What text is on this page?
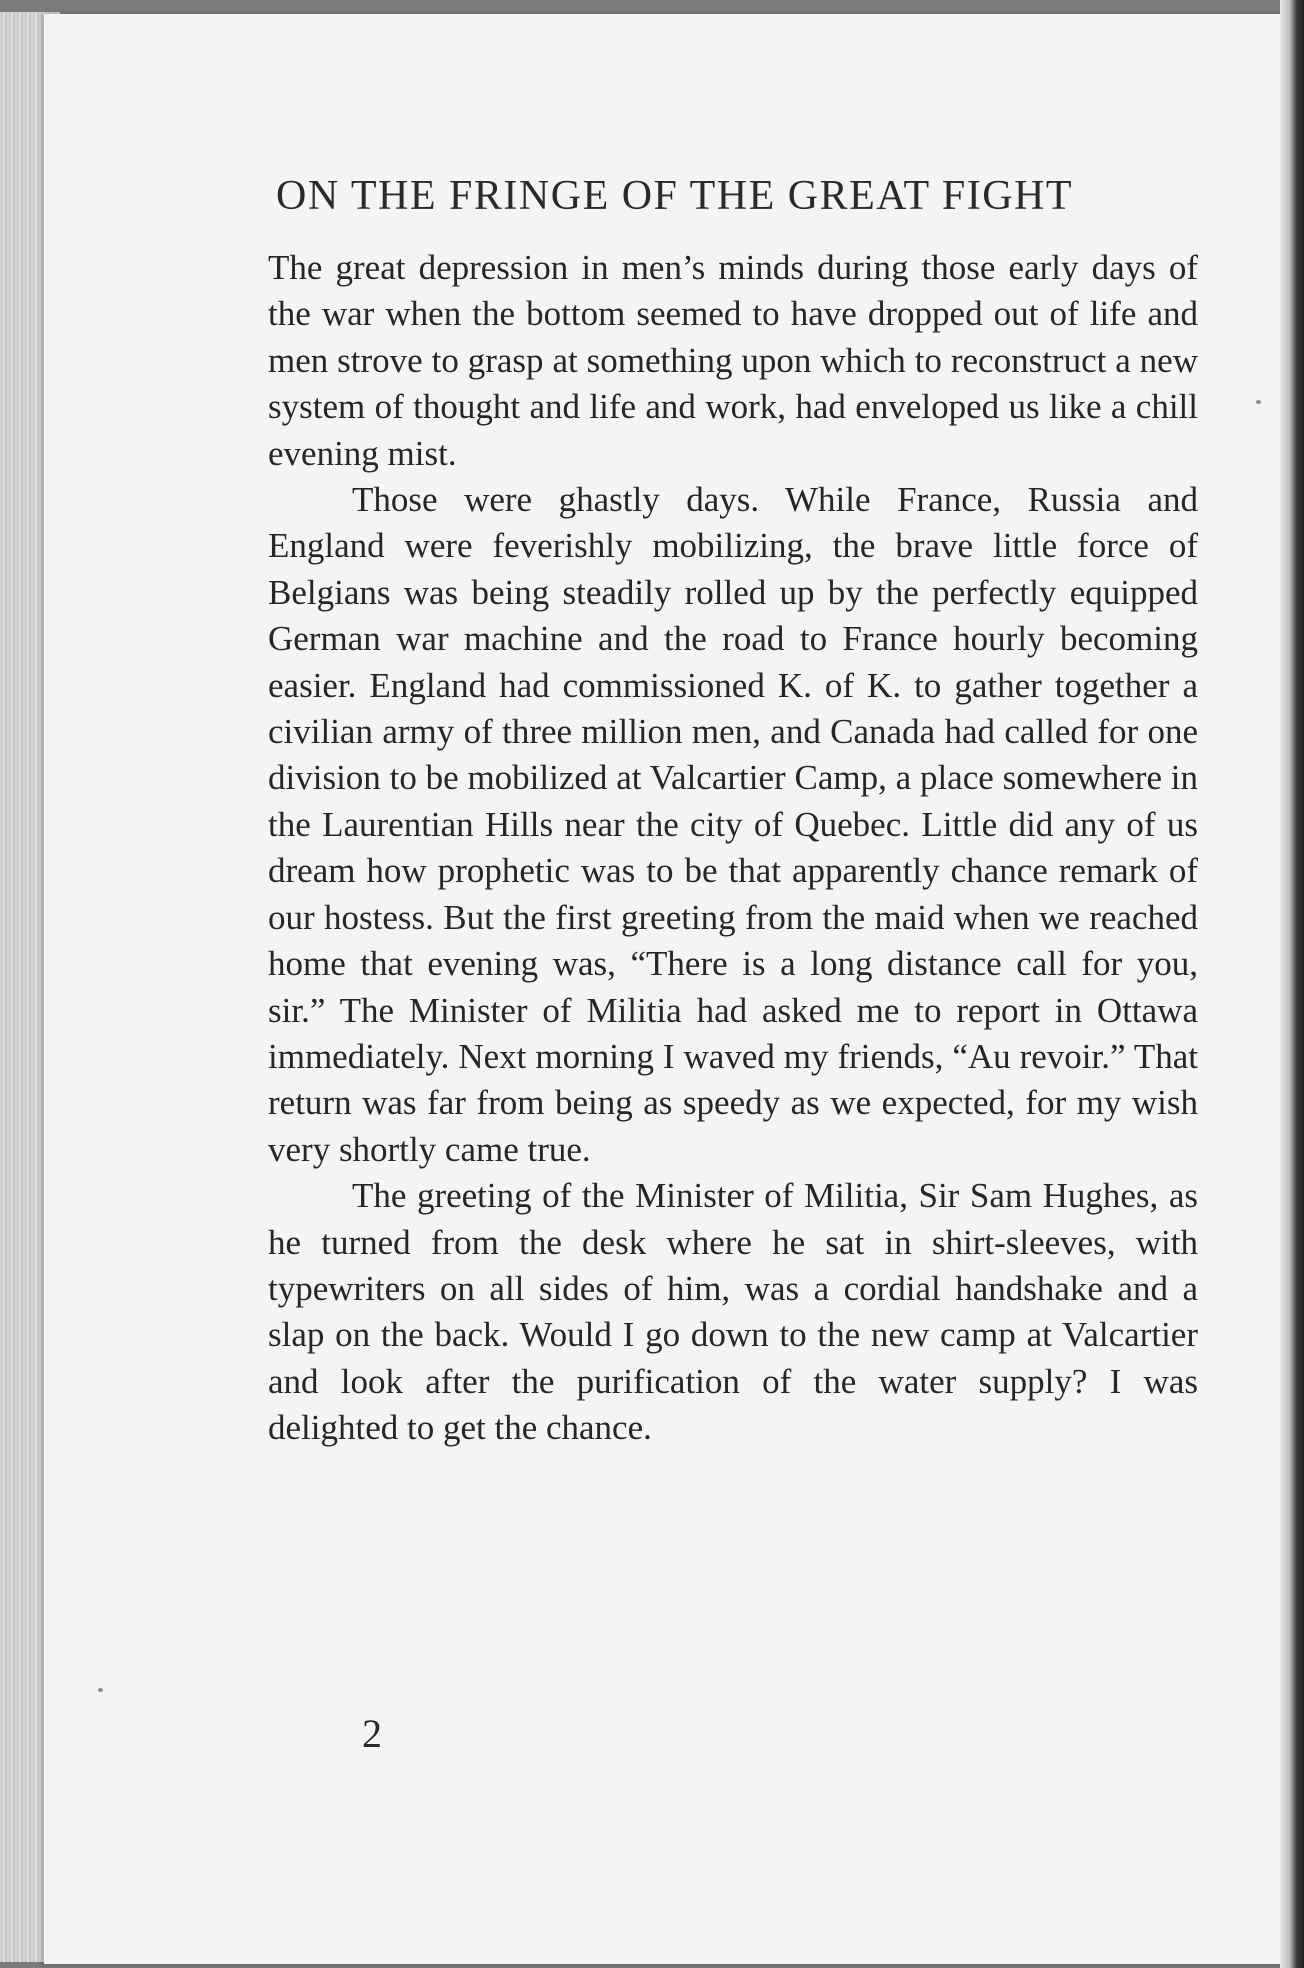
ON THE FRINGE OF THE GREAT FIGHT

The great depression in men’s minds during those early days of the war when the bottom seemed to have dropped out of life and men strove to grasp at something upon which to reconstruct a new system of thought and life and work, had enveloped us like a chill evening mist.

Those were ghastly days. While France, Russia and England were feverishly mobilizing, the brave little force of Belgians was being steadily rolled up by the perfectly equipped German war machine and the road to France hourly becoming easier. England had commissioned K. of K. to gather together a civilian army of three million men, and Canada had called for one division to be mobilized at Valcartier Camp, a place somewhere in the Laurentian Hills near the city of Quebec. Little did any of us dream how prophetic was to be that apparently chance remark of our hostess. But the first greeting from the maid when we reached home that evening was, “There is a long distance call for you, sir.” The Minister of Militia had asked me to report in Ottawa immediately. Next morning I waved my friends, “Au revoir.” That return was far from being as speedy as we expected, for my wish very shortly came true.

The greeting of the Minister of Militia, Sir Sam Hughes, as he turned from the desk where he sat in shirt-sleeves, with typewriters on all sides of him, was a cordial handshake and a slap on the back. Would I go down to the new camp at Valcartier and look after the purification of the water supply? I was delighted to get the chance.

2
